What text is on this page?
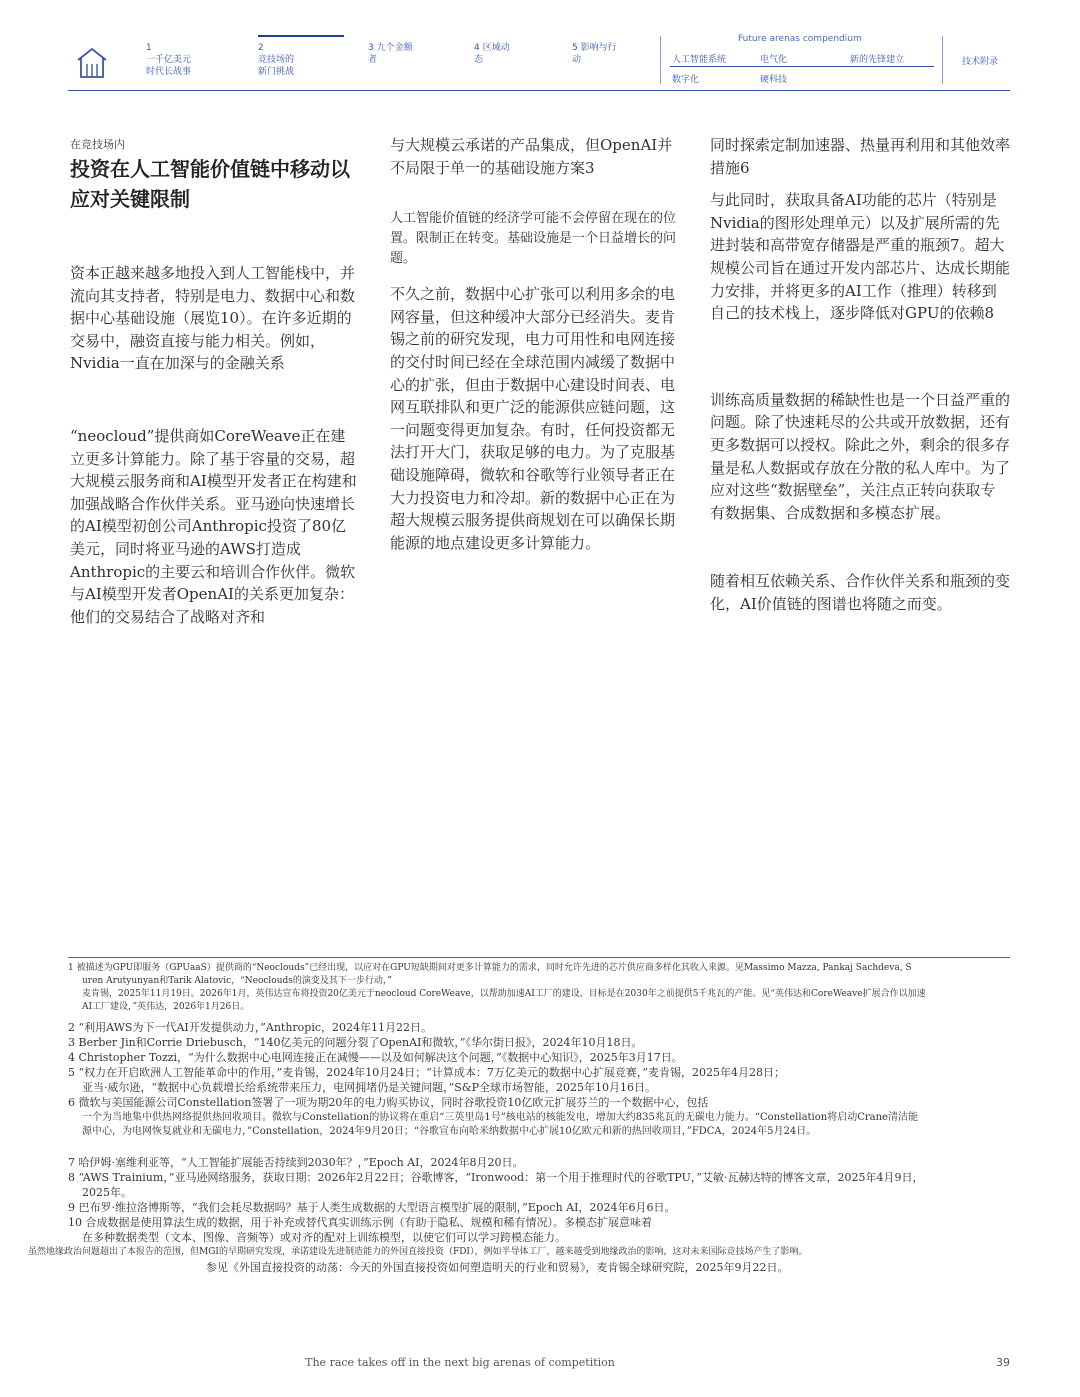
1
一千亿美元
时代长战事
2
竞技场的
新门挑战
3 九个金额
者
4 区域动
态
5 影响与行
动
Future arenas compendium
人工智能系统	电气化	新的先锋建立
数字化	硬科技
技术附录
在竞技场内
投资在人工智能价值链中移动以应对关键限制

资本正越来越多地投入到人工智能栈中，并流向其支持者，特别是电力、数据中心和数据中心基础设施（展览10）。在许多近期的交易中，融资直接与能力相关。例如，Nvidia一直在加深与的金融关系

“neocloud”提供商如CoreWeave正在建立更多计算能力。除了基于容量的交易，超大规模云服务商和AI模型开发者正在构建和加强战略合作伙伴关系。亚马逊向快速增长的AI模型初创公司Anthropic投资了80亿美元，同时将亚马逊的AWS打造成Anthropic的主要云和培训合作伙伴。微软与AI模型开发者OpenAI的关系更加复杂：他们的交易结合了战略对齐和

与大规模云承诺的产品集成，但OpenAI并不局限于单一的基础设施方案3

人工智能价值链的经济学可能不会停留在现在的位置。限制正在转变。基础设施是一个日益增长的问题。

不久之前，数据中心扩张可以利用多余的电网容量，但这种缓冲大部分已经消失。麦肯锡之前的研究发现，电力可用性和电网连接的交付时间已经在全球范围内减缓了数据中心的扩张，但由于数据中心建设时间表、电网互联排队和更广泛的能源供应链问题，这一问题变得更加复杂。有时，任何投资都无法打开大门，获取足够的电力。为了克服基础设施障碍，微软和谷歌等行业领导者正在大力投资电力和冷却。新的数据中心正在为超大规模云服务提供商规划在可以确保长期能源的地点建设更多计算能力。

同时探索定制加速器、热量再利用和其他效率措施6

与此同时，获取具备AI功能的芯片（特别是Nvidia的图形处理单元）以及扩展所需的先进封装和高带宽存储器是严重的瓶颈7。超大规模公司旨在通过开发内部芯片、达成长期能力安排，并将更多的AI工作（推理）转移到自己的技术栈上，逐步降低对GPU的依赖8

训练高质量数据的稀缺性也是一个日益严重的问题。除了快速耗尽的公共或开放数据，还有更多数据可以授权。除此之外，剩余的很多存量是私人数据或存放在分散的私人库中。为了应对这些“数据壁垒”，关注点正转向获取专有数据集、合成数据和多模态扩展。

随着相互依赖关系、合作伙伴关系和瓶颈的变化，AI价值链的图谱也将随之而变。

1 被描述为GPU即服务（GPUaaS）提供商的“Neoclouds”已经出现，以应对在GPU短缺期间对更多计算能力的需求，同时允许先进的芯片供应商多样化其收入来源。见Massimo Mazza, Pankaj Sachdeva, S
uren Arutyunyan和Tarik Alatovic，“Neoclouds的演变及其下一步行动，”
麦肯锡，2025年11月19日。2026年1月，英伟达宣布将投资20亿美元于neocloud CoreWeave，以帮助加速AI工厂的建设，目标是在2030年之前提供5千兆瓦的产能。见“英伟达和CoreWeave扩展合作以加速
AI工厂建设，”英伟达，2026年1月26日。
2 “利用AWS为下一代AI开发提供动力，”Anthropic，2024年11月22日。
3 Berber Jin和Corrie Driebusch，“140亿美元的问题分裂了OpenAI和微软，”《华尔街日报》，2024年10月18日。
4 Christopher Tozzi，“为什么数据中心电网连接正在减慢——以及如何解决这个问题，”《数据中心知识》，2025年3月17日。
5 “权力在开启欧洲人工智能革命中的作用，”麦肯锡，2024年10月24日；“计算成本：7万亿美元的数据中心扩展竞赛，”麦肯锡，2025年4月28日；
亚当·威尔逊，“数据中心负载增长给系统带来压力，电网拥堵仍是关键问题，”S&P全球市场智能，2025年10月16日。
6 微软与美国能源公司Constellation签署了一项为期20年的电力购买协议，同时谷歌投资10亿欧元扩展芬兰的一个数据中心，包括
一个为当地集中供热网络提供热回收项目。微软与Constellation的协议将在重启“三英里岛1号”核电站的核能发电，增加大约835兆瓦的无碳电力能力。“Constellation将启动Crane清洁能
源中心，为电网恢复就业和无碳电力，”Constellation，2024年9月20日；“谷歌宣布向哈米纳数据中心扩展10亿欧元和新的热回收项目，”FDCA，2024年5月24日。
7 哈伊姆·塞维利亚等，“人工智能扩展能否持续到2030年？，”Epoch AI，2024年8月20日。
8 “AWS Trainium，”亚马逊网络服务，获取日期：2026年2月22日；谷歌博客，“Ironwood：第一个用于推理时代的谷歌TPU，”艾敏·瓦赫达特的博客文章，2025年4月9日，
2025年。
9 巴布罗·维拉洛博斯等，“我们会耗尽数据吗？基于人类生成数据的大型语言模型扩展的限制，”Epoch AI，2024年6月6日。
10 合成数据是使用算法生成的数据，用于补充或替代真实训练示例（有助于隐私、规模和稀有情况）。多模态扩展意味着
在多种数据类型（文本、图像、音频等）或对齐的配对上训练模型，以使它们可以学习跨模态能力。
虽然地缘政治问题超出了本报告的范围，但MGI的早期研究发现，承诺建设先进制造能力的外国直接投资（FDI），例如半导体工厂，越来越受到地缘政治的影响，这对未来国际竞技场产生了影响。
参见《外国直接投资的动荡：今天的外国直接投资如何塑造明天的行业和贸易》，麦肯锡全球研究院，2025年9月22日。
The race takes off in the next big arenas of competition	39
